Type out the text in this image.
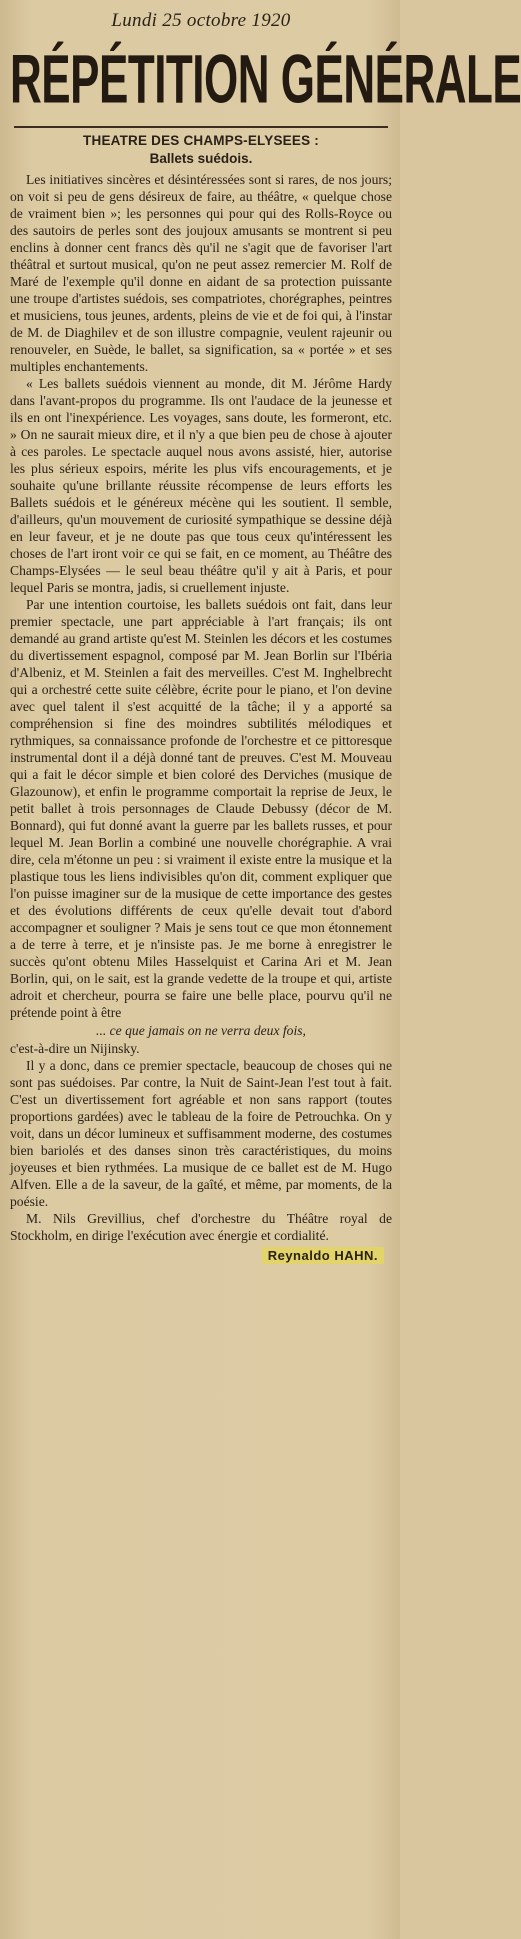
Lundi 25 octobre 1920
RÉPÉTITION GÉNÉRALE
THEATRE DES CHAMPS-ELYSEES :
Ballets suédois.

Les initiatives sincères et désintéressées sont si rares, de nos jours; on voit si peu de gens désireux de faire, au théâtre, « quelque chose de vraiment bien »; les personnes qui pour qui des Rolls-Royce ou des sautoirs de perles sont des joujoux amusants se montrent si peu enclins à donner cent francs dès qu'il ne s'agit que de favoriser l'art théâtral et surtout musical, qu'on ne peut assez remercier M. Rolf de Maré de l'exemple qu'il donne en aidant de sa protection puissante une troupe d'artistes suédois, ses compatriotes, chorégraphes, peintres et musiciens, tous jeunes, ardents, pleins de vie et de foi qui, à l'instar de M. de Diaghilev et de son illustre compagnie, veulent rajeunir ou renouveler, en Suède, le ballet, sa signification, sa « portée » et ses multiples enchantements.

« Les ballets suédois viennent au monde, dit M. Jérôme Hardy dans l'avant-propos du programme. Ils ont l'audace de la jeunesse et ils en ont l'inexpérience. Les voyages, sans doute, les formeront, etc. » On ne saurait mieux dire, et il n'y a que bien peu de chose à ajouter à ces paroles. Le spectacle auquel nous avons assisté, hier, autorise les plus sérieux espoirs, mérite les plus vifs encouragements, et je souhaite qu'une brillante réussite récompense de leurs efforts les Ballets suédois et le généreux mécène qui les soutient. Il semble, d'ailleurs, qu'un mouvement de curiosité sympathique se dessine déjà en leur faveur, et je ne doute pas que tous ceux qu'intéressent les choses de l'art iront voir ce qui se fait, en ce moment, au Théâtre des Champs-Elysées — le seul beau théâtre qu'il y ait à Paris, et pour lequel Paris se montra, jadis, si cruellement injuste.

Par une intention courtoise, les ballets suédois ont fait, dans leur premier spectacle, une part appréciable à l'art français; ils ont demandé au grand artiste qu'est M. Steinlen les décors et les costumes du divertissement espagnol, composé par M. Jean Borlin sur l'Ibéria d'Albeniz, et M. Steinlen a fait des merveilles. C'est M. Inghelbrecht qui a orchestré cette suite célèbre, écrite pour le piano, et l'on devine avec quel talent il s'est acquitté de la tâche; il y a apporté sa compréhension si fine des moindres subtilités mélodiques et rythmiques, sa connaissance profonde de l'orchestre et ce pittoresque instrumental dont il a déjà donné tant de preuves. C'est M. Mouveau qui a fait le décor simple et bien coloré des Derviches (musique de Glazounow), et enfin le programme comportait la reprise de Jeux, le petit ballet à trois personnages de Claude Debussy (décor de M. Bonnard), qui fut donné avant la guerre par les ballets russes, et pour lequel M. Jean Borlin a combiné une nouvelle chorégraphie. A vrai dire, cela m'étonne un peu : si vraiment il existe entre la musique et la plastique tous les liens indivisibles qu'on dit, comment expliquer que l'on puisse imaginer sur de la musique de cette importance des gestes et des évolutions différents de ceux qu'elle devait tout d'abord accompagner et souligner ? Mais je sens tout ce que mon étonnement a de terre à terre, et je n'insiste pas. Je me borne à enregistrer le succès qu'ont obtenu Miles Hasselquist et Carina Ari et M. Jean Borlin, qui, on le sait, est la grande vedette de la troupe et qui, artiste adroit et chercheur, pourra se faire une belle place, pourvu qu'il ne prétende point à être

... ce que jamais on ne verra deux fois,

c'est-à-dire un Nijinsky.

Il y a donc, dans ce premier spectacle, beaucoup de choses qui ne sont pas suédoises. Par contre, la Nuit de Saint-Jean l'est tout à fait. C'est un divertissement fort agréable et non sans rapport (toutes proportions gardées) avec le tableau de la foire de Petrouchka. On y voit, dans un décor lumineux et suffisamment moderne, des costumes bien bariolés et des danses sinon très caractéristiques, du moins joyeuses et bien rythmées. La musique de ce ballet est de M. Hugo Alfven. Elle a de la saveur, de la gaîté, et même, par moments, de la poésie.

M. Nils Grevillius, chef d'orchestre du Théâtre royal de Stockholm, en dirige l'exécution avec énergie et cordialité.

Reynaldo HAHN.
